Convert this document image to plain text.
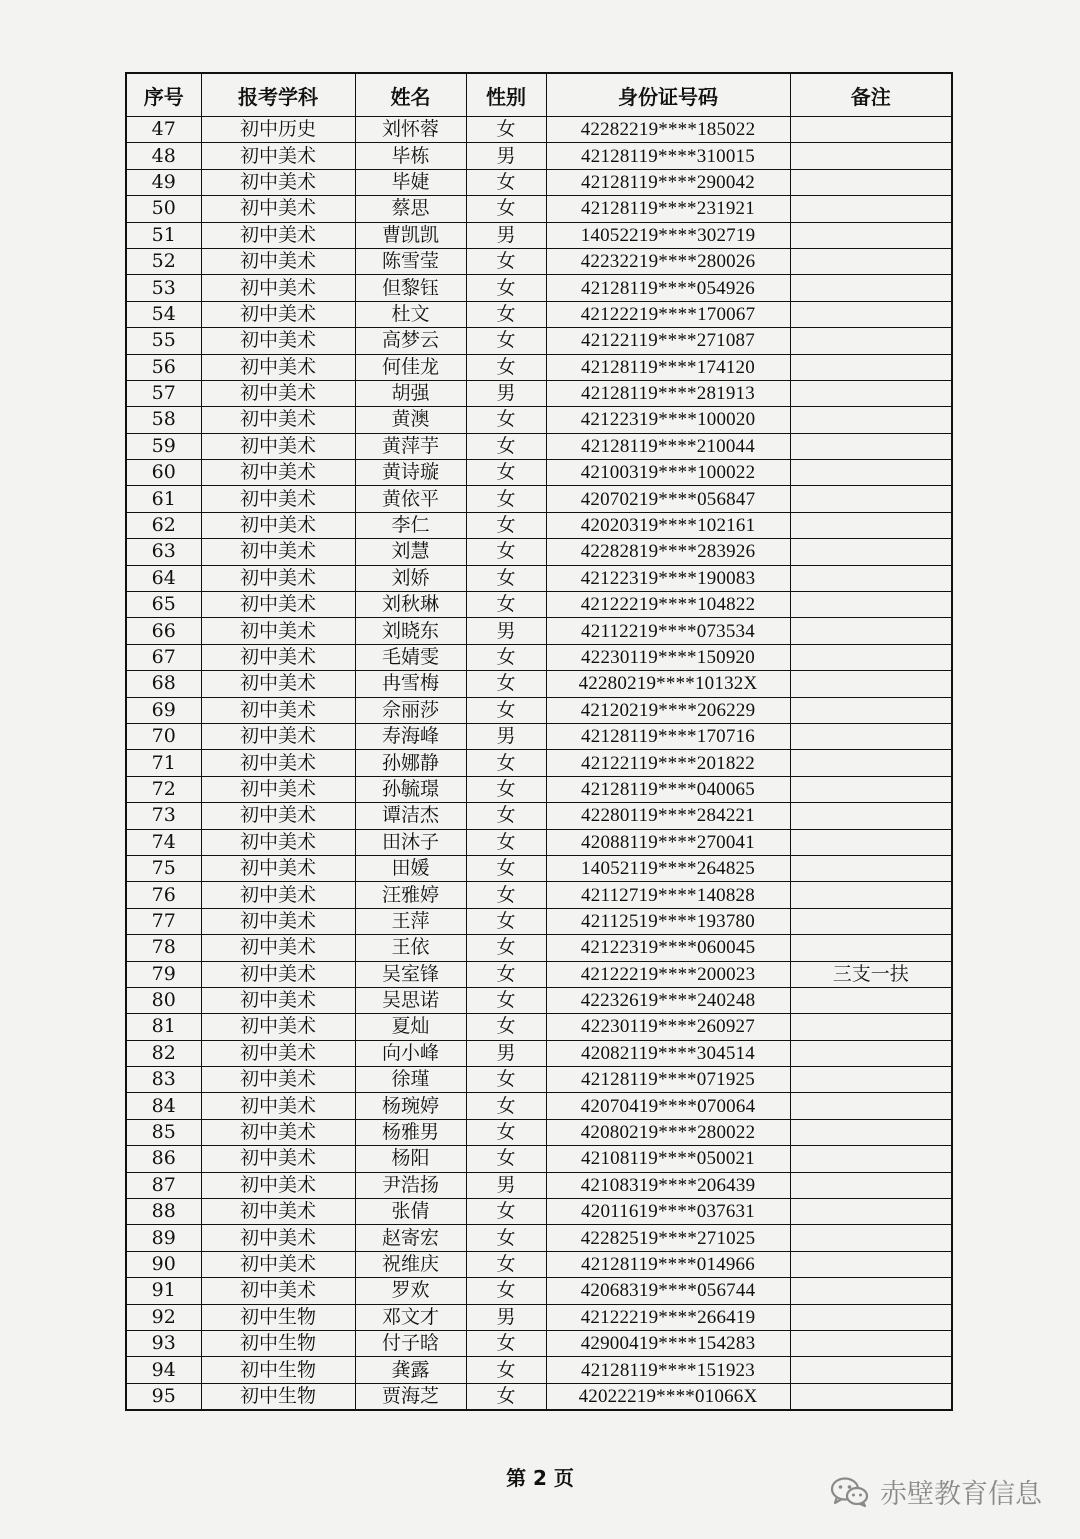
序号	报考学科	姓名	性别	身份证号码	备注
47	初中历史	刘怀蓉	女	42282219****185022	
48	初中美术	毕栋	男	42128119****310015	
49	初中美术	毕婕	女	42128119****290042	
50	初中美术	蔡思	女	42128119****231921	
51	初中美术	曹凯凯	男	14052219****302719	
52	初中美术	陈雪莹	女	42232219****280026	
53	初中美术	但黎钰	女	42128119****054926	
54	初中美术	杜文	女	42122219****170067	
55	初中美术	高梦云	女	42122119****271087	
56	初中美术	何佳龙	女	42128119****174120	
57	初中美术	胡强	男	42128119****281913	
58	初中美术	黄澳	女	42122319****100020	
59	初中美术	黄萍芋	女	42128119****210044	
60	初中美术	黄诗璇	女	42100319****100022	
61	初中美术	黄依平	女	42070219****056847	
62	初中美术	李仁	女	42020319****102161	
63	初中美术	刘慧	女	42282819****283926	
64	初中美术	刘娇	女	42122319****190083	
65	初中美术	刘秋琳	女	42122219****104822	
66	初中美术	刘晓东	男	42112219****073534	
67	初中美术	毛婧雯	女	42230119****150920	
68	初中美术	冉雪梅	女	42280219****10132X	
69	初中美术	佘丽莎	女	42120219****206229	
70	初中美术	寿海峰	男	42128119****170716	
71	初中美术	孙娜静	女	42122119****201822	
72	初中美术	孙毓璟	女	42128119****040065	
73	初中美术	谭洁杰	女	42280119****284221	
74	初中美术	田沐子	女	42088119****270041	
75	初中美术	田媛	女	14052119****264825	
76	初中美术	汪雅婷	女	42112719****140828	
77	初中美术	王萍	女	42112519****193780	
78	初中美术	王依	女	42122319****060045	
79	初中美术	吴室锋	女	42122219****200023	三支一扶
80	初中美术	吴思诺	女	42232619****240248	
81	初中美术	夏灿	女	42230119****260927	
82	初中美术	向小峰	男	42082119****304514	
83	初中美术	徐瑾	女	42128119****071925	
84	初中美术	杨琬婷	女	42070419****070064	
85	初中美术	杨雅男	女	42080219****280022	
86	初中美术	杨阳	女	42108119****050021	
87	初中美术	尹浩扬	男	42108319****206439	
88	初中美术	张倩	女	42011619****037631	
89	初中美术	赵寄宏	女	42282519****271025	
90	初中美术	祝维庆	女	42128119****014966	
91	初中美术	罗欢	女	42068319****056744	
92	初中生物	邓文才	男	42122219****266419	
93	初中生物	付子晗	女	42900419****154283	
94	初中生物	龚露	女	42128119****151923	
95	初中生物	贾海芝	女	42022219****01066X	
第 2 页
赤壁教育信息
